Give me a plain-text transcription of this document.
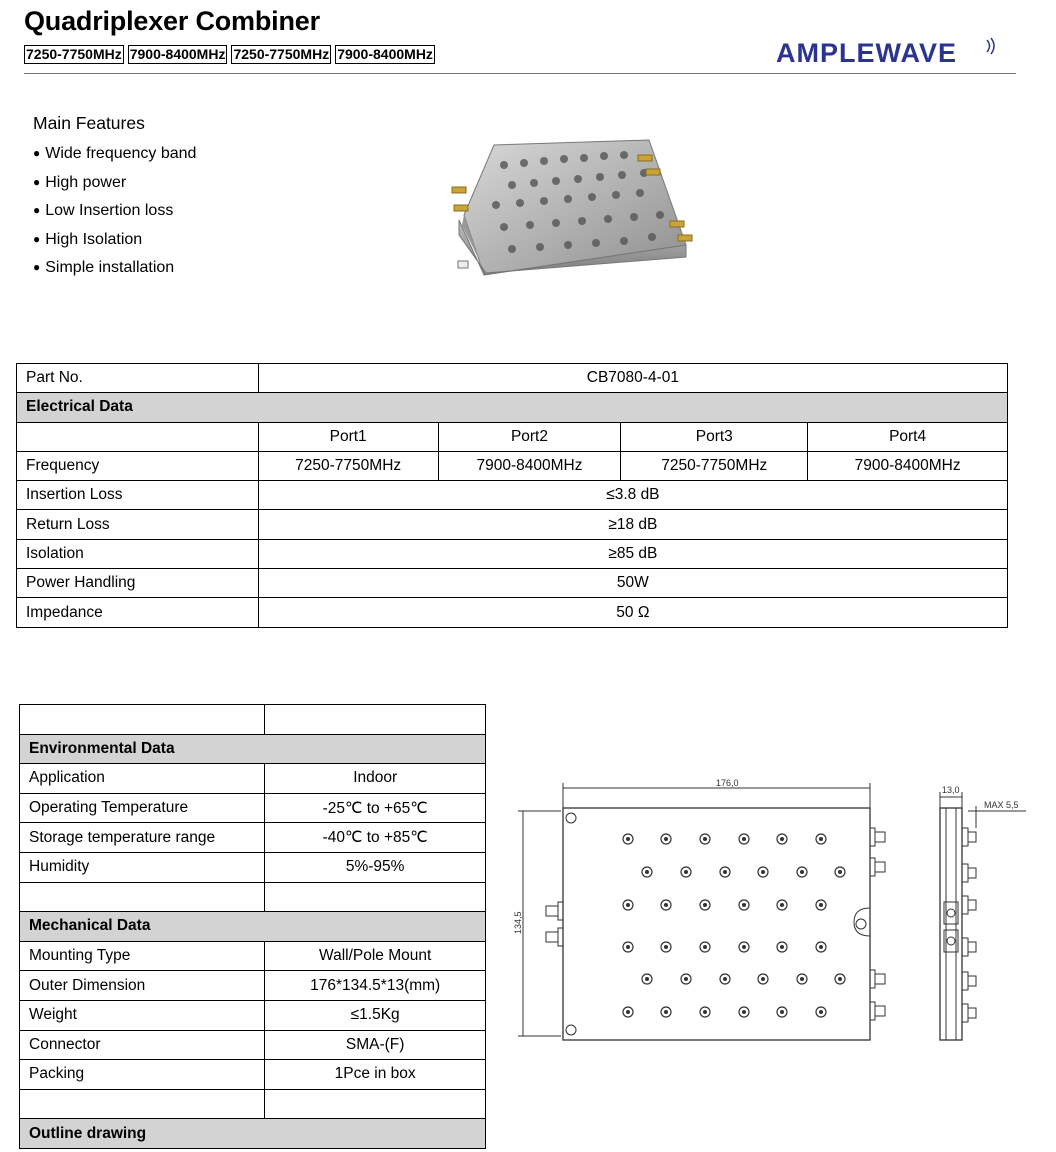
Quadriplexer Combiner
7250-7750MHz 7900-8400MHz 7250-7750MHz 7900-8400MHz	AMPLEWAVE
Main Features
● Wide frequency band
● High power
● Low Insertion loss
● High Isolation
● Simple installation
Part No.	CB7080-4-01			
Electrical Data				
	Port1	Port2	Port3	Port4
Frequency	7250-7750MHz	7900-8400MHz	7250-7750MHz	7900-8400MHz
Insertion Loss	≤3.8 dB			
Return Loss	≥18 dB			
Isolation	≥85 dB			
Power Handling	50W			
Impedance	50 Ω			

Environmental Data	
Application	Indoor
Operating Temperature	-25℃ to +65℃
Storage temperature range	-40℃ to +85℃
Humidity	5%-95%

Mechanical Data	
Mounting Type	Wall/Pole Mount
Outer Dimension	176*134.5*13(mm)
Weight	≤1.5Kg
Connector	SMA-(F)
Packing	1Pce in box

Outline drawing	
176,0
13,0
MAX 5,5
134,5
